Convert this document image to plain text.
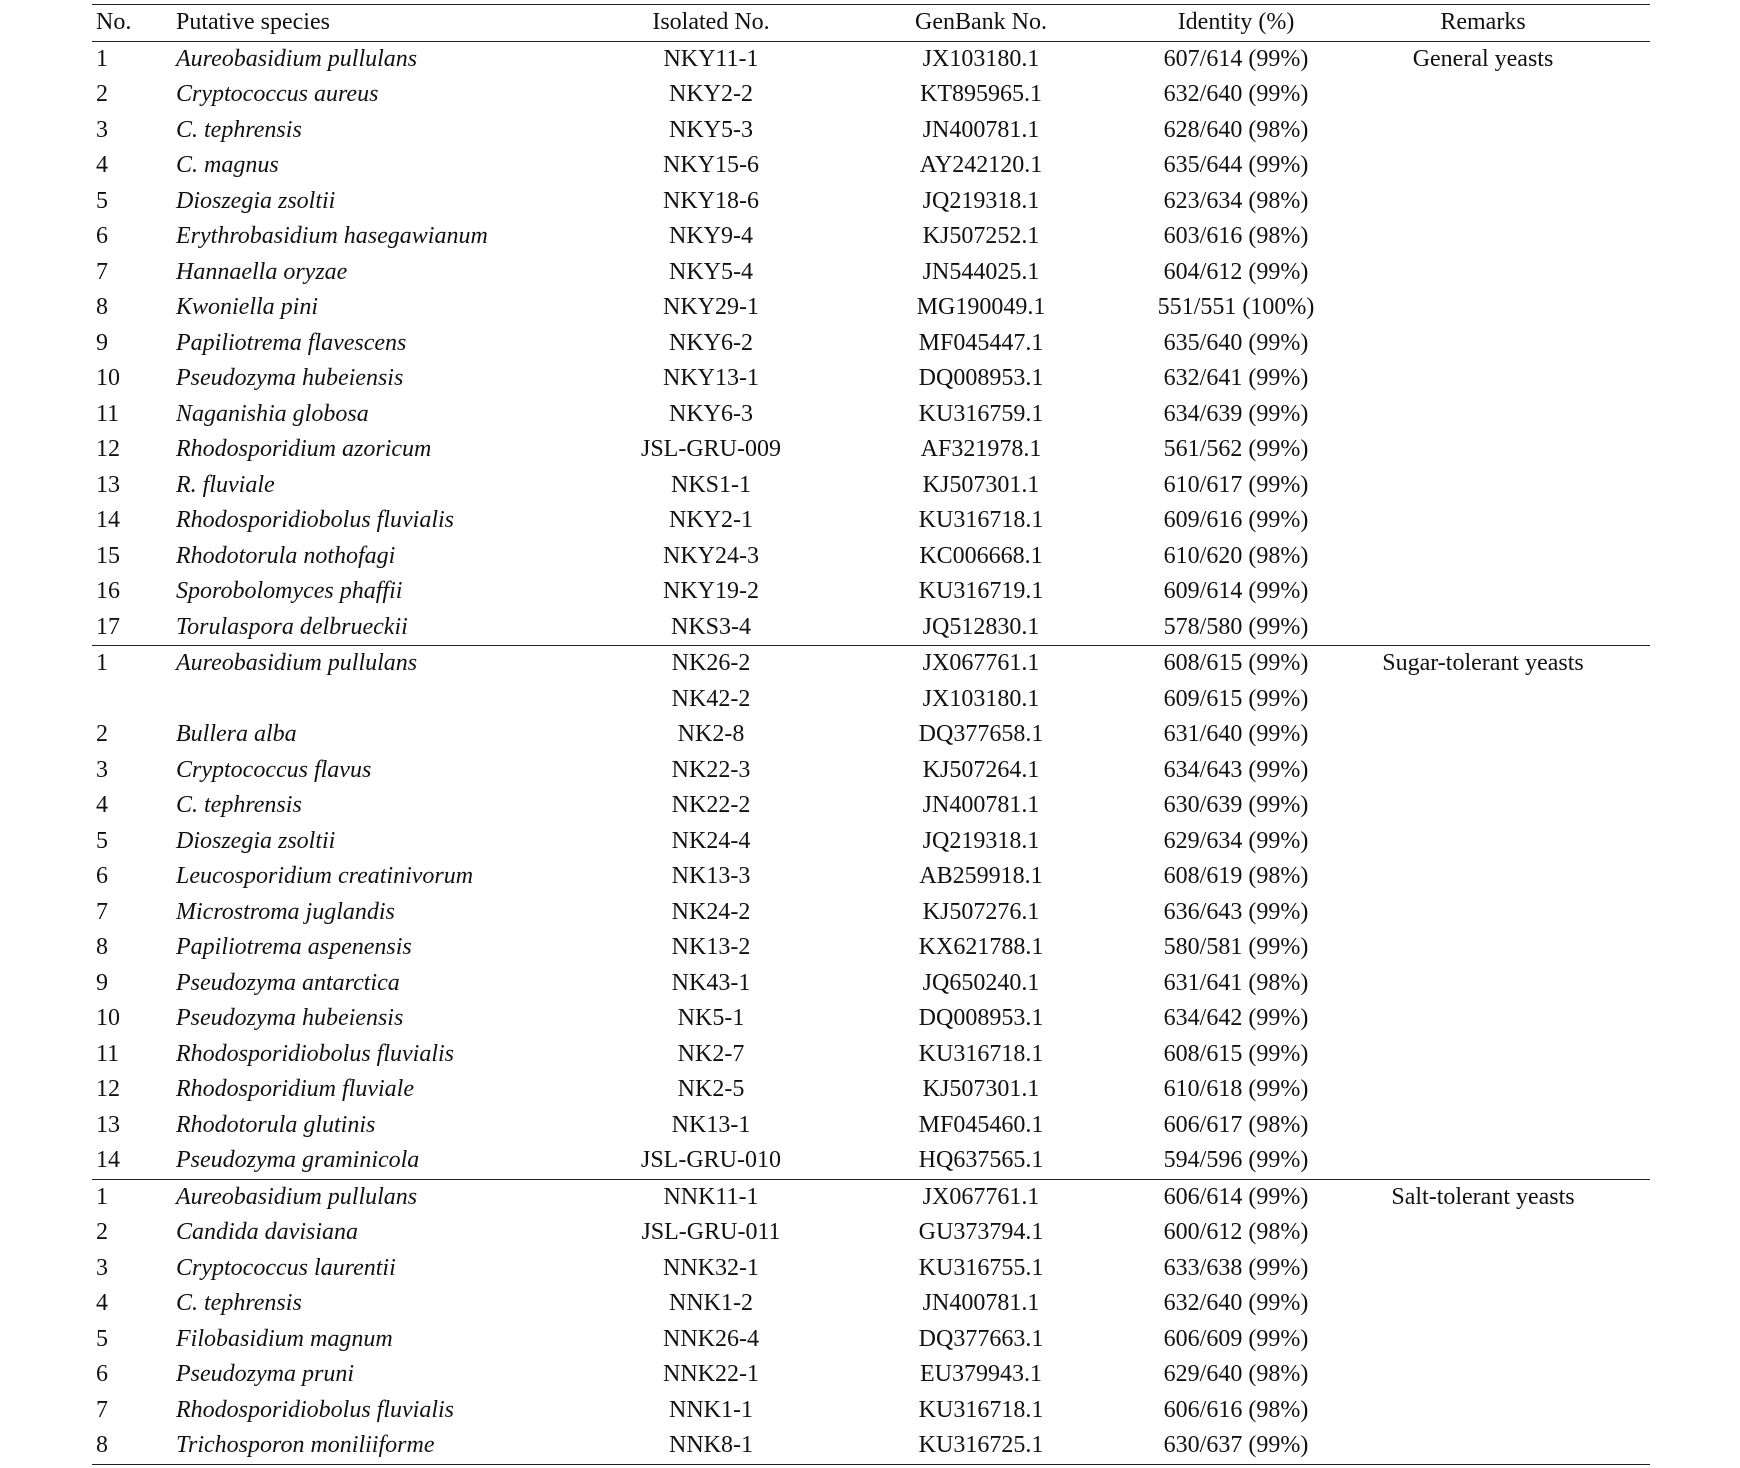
No.	Putative species	Isolated No.	GenBank No.	Identity (%)	Remarks
1	Aureobasidium pullulans	NKY11-1	JX103180.1	607/614 (99%)	General yeasts
2	Cryptococcus aureus	NKY2-2	KT895965.1	632/640 (99%)	
3	C. tephrensis	NKY5-3	JN400781.1	628/640 (98%)	
4	C. magnus	NKY15-6	AY242120.1	635/644 (99%)	
5	Dioszegia zsoltii	NKY18-6	JQ219318.1	623/634 (98%)	
6	Erythrobasidium hasegawianum	NKY9-4	KJ507252.1	603/616 (98%)	
7	Hannaella oryzae	NKY5-4	JN544025.1	604/612 (99%)	
8	Kwoniella pini	NKY29-1	MG190049.1	551/551 (100%)	
9	Papiliotrema flavescens	NKY6-2	MF045447.1	635/640 (99%)	
10	Pseudozyma hubeiensis	NKY13-1	DQ008953.1	632/641 (99%)	
11	Naganishia globosa	NKY6-3	KU316759.1	634/639 (99%)	
12	Rhodosporidium azoricum	JSL-GRU-009	AF321978.1	561/562 (99%)	
13	R. fluviale	NKS1-1	KJ507301.1	610/617 (99%)	
14	Rhodosporidiobolus fluvialis	NKY2-1	KU316718.1	609/616 (99%)	
15	Rhodotorula nothofagi	NKY24-3	KC006668.1	610/620 (98%)	
16	Sporobolomyces phaffii	NKY19-2	KU316719.1	609/614 (99%)	
17	Torulaspora delbrueckii	NKS3-4	JQ512830.1	578/580 (99%)	
1	Aureobasidium pullulans	NK26-2	JX067761.1	608/615 (99%)	Sugar-tolerant yeasts
		NK42-2	JX103180.1	609/615 (99%)	
2	Bullera alba	NK2-8	DQ377658.1	631/640 (99%)	
3	Cryptococcus flavus	NK22-3	KJ507264.1	634/643 (99%)	
4	C. tephrensis	NK22-2	JN400781.1	630/639 (99%)	
5	Dioszegia zsoltii	NK24-4	JQ219318.1	629/634 (99%)	
6	Leucosporidium creatinivorum	NK13-3	AB259918.1	608/619 (98%)	
7	Microstroma juglandis	NK24-2	KJ507276.1	636/643 (99%)	
8	Papiliotrema aspenensis	NK13-2	KX621788.1	580/581 (99%)	
9	Pseudozyma antarctica	NK43-1	JQ650240.1	631/641 (98%)	
10	Pseudozyma hubeiensis	NK5-1	DQ008953.1	634/642 (99%)	
11	Rhodosporidiobolus fluvialis	NK2-7	KU316718.1	608/615 (99%)	
12	Rhodosporidium fluviale	NK2-5	KJ507301.1	610/618 (99%)	
13	Rhodotorula glutinis	NK13-1	MF045460.1	606/617 (98%)	
14	Pseudozyma graminicola	JSL-GRU-010	HQ637565.1	594/596 (99%)	
1	Aureobasidium pullulans	NNK11-1	JX067761.1	606/614 (99%)	Salt-tolerant yeasts
2	Candida davisiana	JSL-GRU-011	GU373794.1	600/612 (98%)	
3	Cryptococcus laurentii	NNK32-1	KU316755.1	633/638 (99%)	
4	C. tephrensis	NNK1-2	JN400781.1	632/640 (99%)	
5	Filobasidium magnum	NNK26-4	DQ377663.1	606/609 (99%)	
6	Pseudozyma pruni	NNK22-1	EU379943.1	629/640 (98%)	
7	Rhodosporidiobolus fluvialis	NNK1-1	KU316718.1	606/616 (98%)	
8	Trichosporon moniliiforme	NNK8-1	KU316725.1	630/637 (99%)	
